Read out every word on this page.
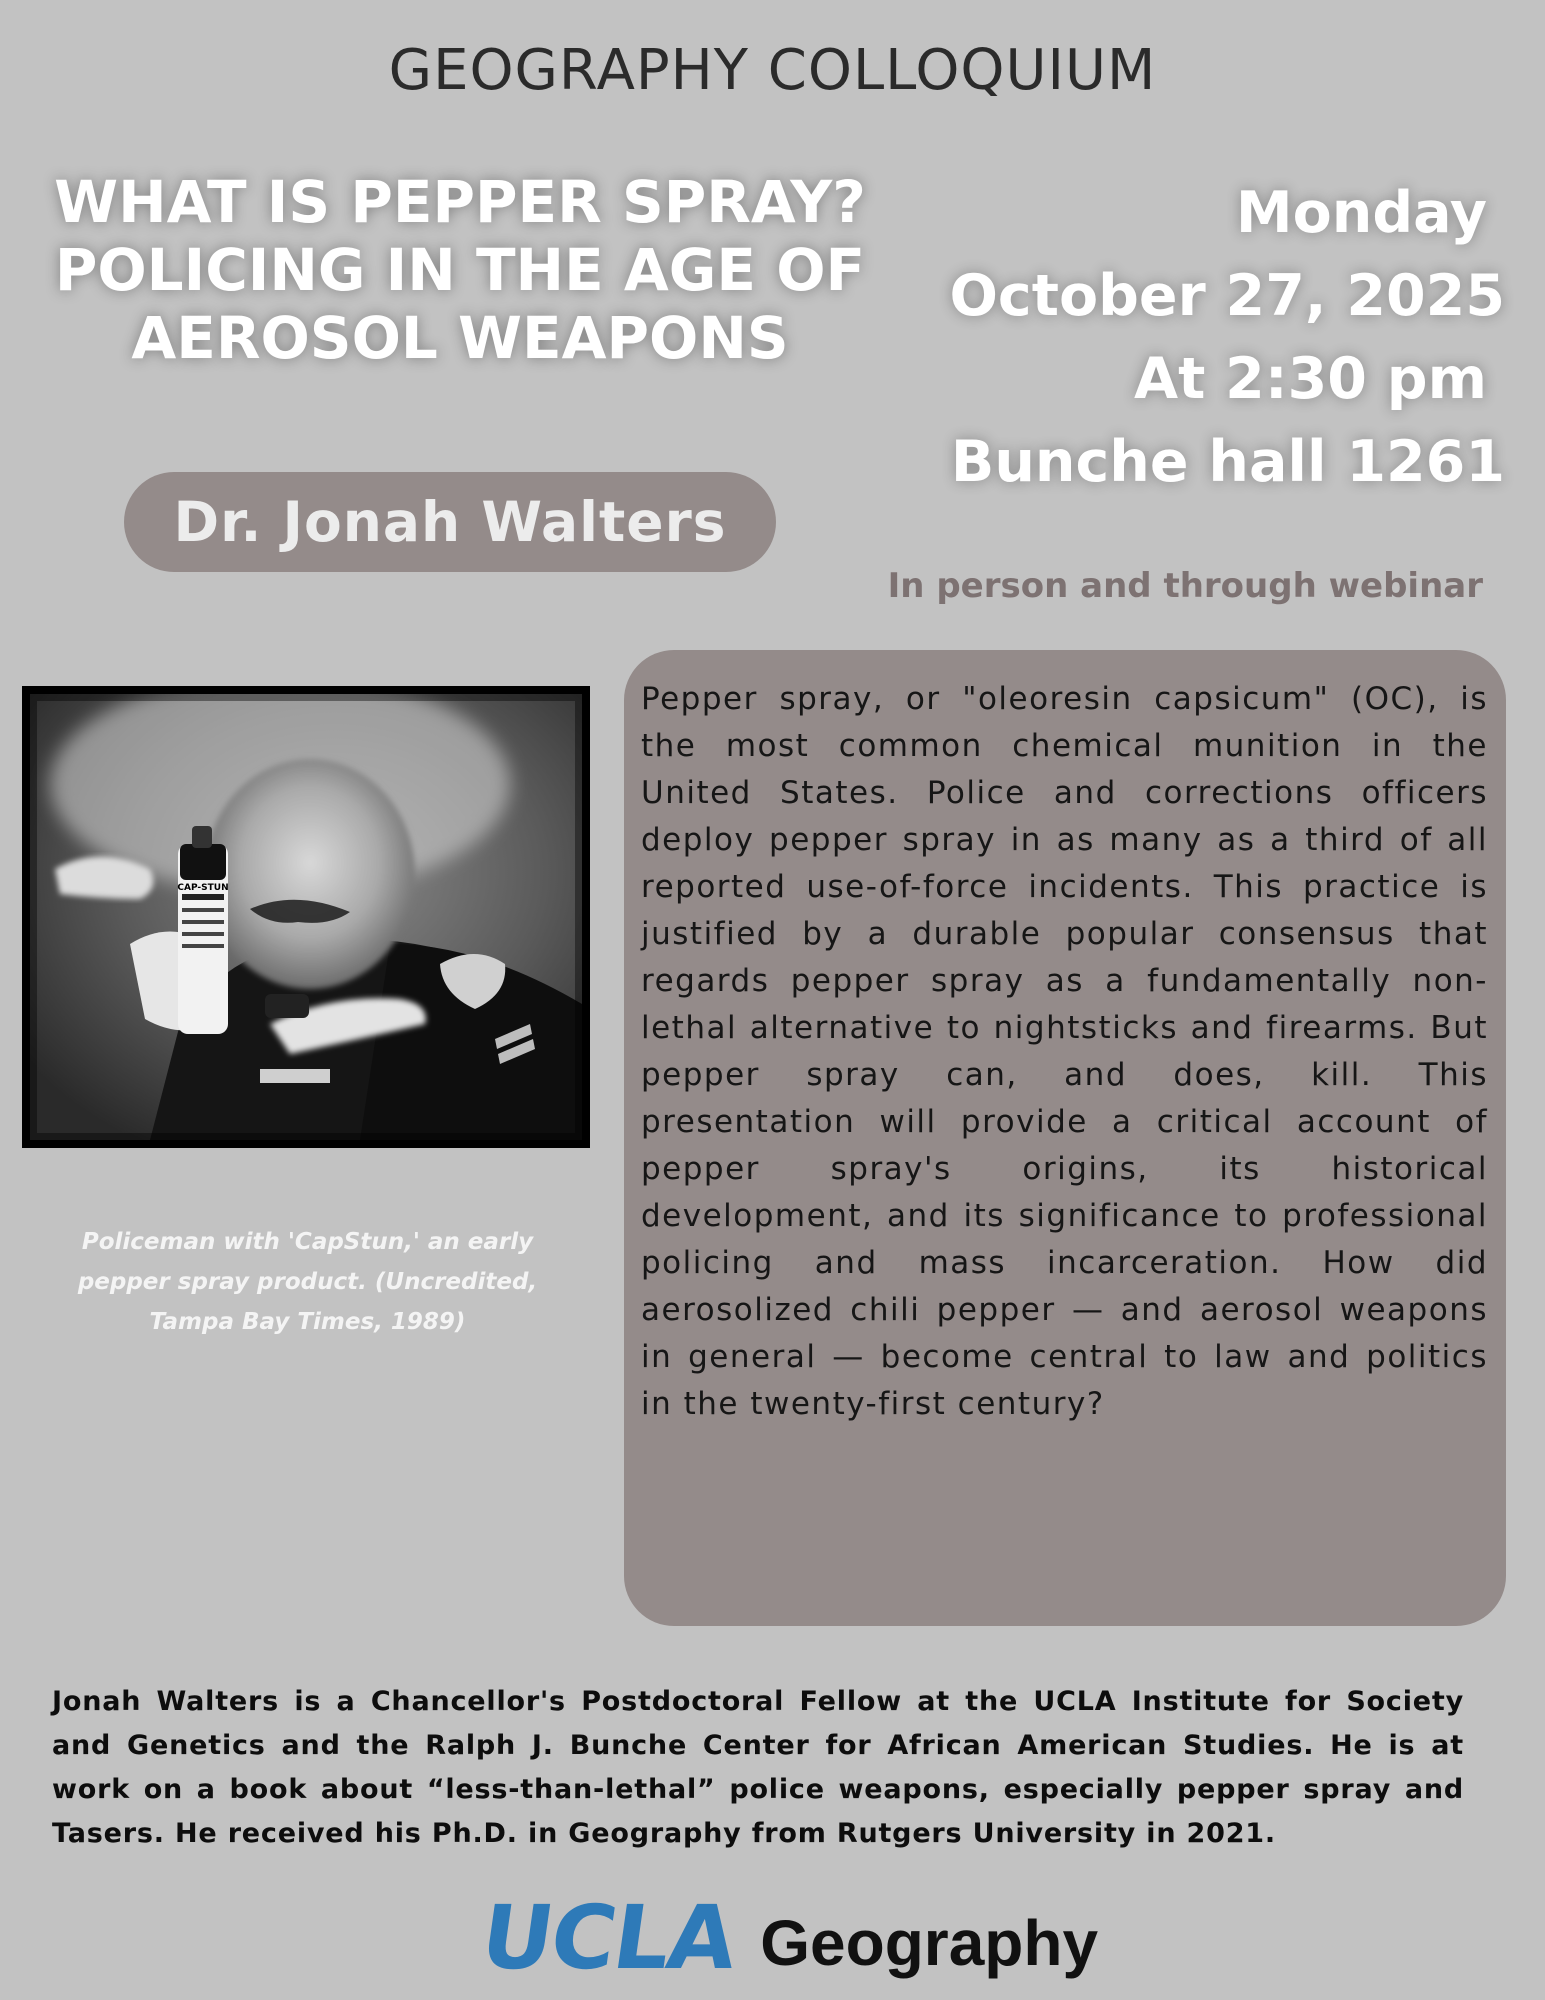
GEOGRAPHY COLLOQUIUM
WHAT IS PEPPER SPRAY?
POLICING IN THE AGE OF
AEROSOL WEAPONS
Monday
October 27, 2025
At 2:30 pm
Bunche hall 1261
Dr. Jonah Walters
In person and through webinar
CAP-STUN
Policeman with 'CapStun,' an early pepper spray product. (Uncredited, Tampa Bay Times, 1989)

Pepper spray, or "oleoresin capsicum" (OC), is the most common chemical munition in the United States. Police and corrections officers deploy pepper spray in as many as a third of all reported use-of-force incidents. This practice is justified by a durable popular consensus that regards pepper spray as a fundamentally non-lethal alternative to nightsticks and firearms. But pepper spray can, and does, kill. This presentation will provide a critical account of pepper spray's origins, its historical development, and its significance to professional policing and mass incarceration. How did aerosolized chili pepper — and aerosol weapons in general — become central to law and politics in the twenty-first century?

Jonah Walters is a Chancellor's Postdoctoral Fellow at the UCLA Institute for Society and Genetics and the Ralph J. Bunche Center for African American Studies. He is at work on a book about “less-than-lethal” police weapons, especially pepper spray and Tasers. He received his Ph.D. in Geography from Rutgers University in 2021.

UCLA Geography
